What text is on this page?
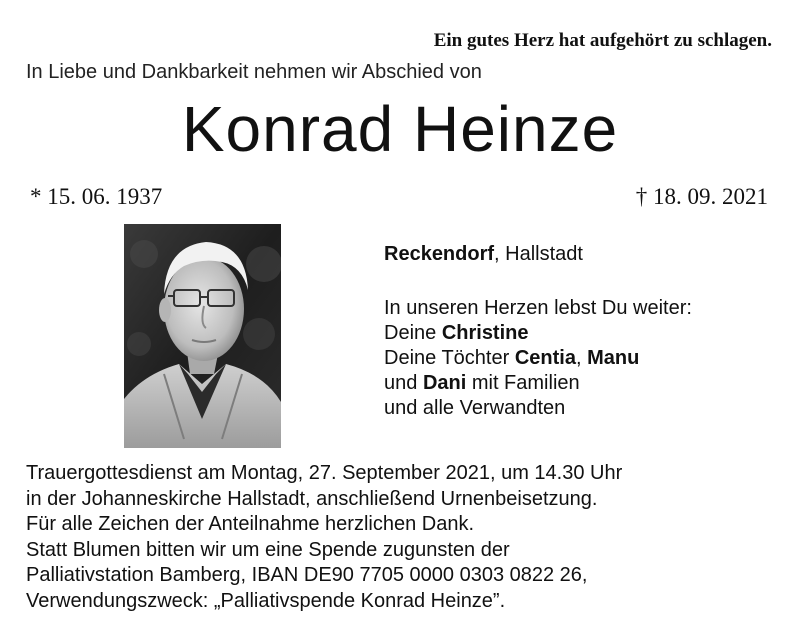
Ein gutes Herz hat aufgehört zu schlagen.
In Liebe und Dankbarkeit nehmen wir Abschied von
Konrad Heinze
* 15. 06. 1937	† 18. 09. 2021
Reckendorf, Hallstadt
In unseren Herzen lebst Du weiter:
Deine Christine
Deine Töchter Centia, Manu
und Dani mit Familien
und alle Verwandten
Trauergottesdienst am Montag, 27. September 2021, um 14.30 Uhr
in der Johanneskirche Hallstadt, anschließend Urnenbeisetzung.
Für alle Zeichen der Anteilnahme herzlichen Dank.
Statt Blumen bitten wir um eine Spende zugunsten der
Palliativstation Bamberg, IBAN DE90 7705 0000 0303 0822 26,
Verwendungszweck: „Palliativspende Konrad Heinze”.
